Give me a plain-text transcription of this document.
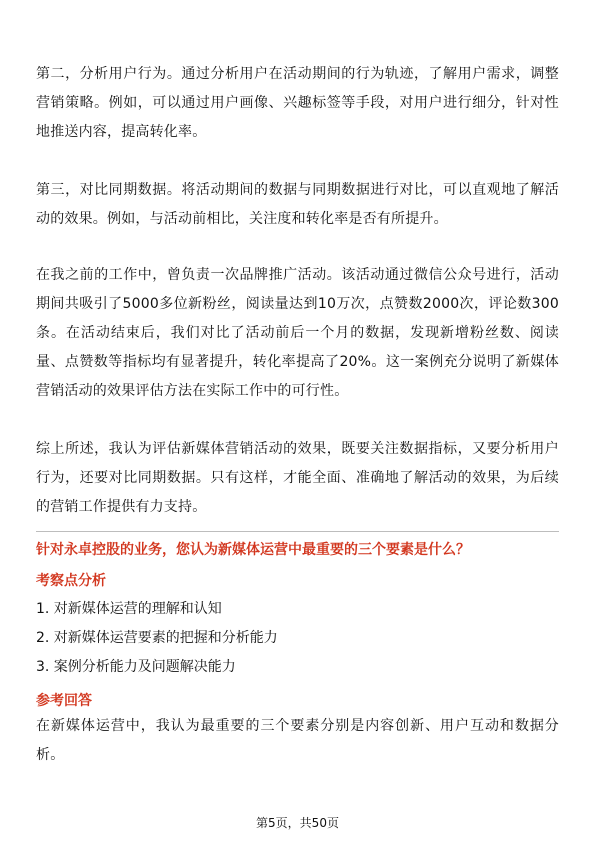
第二，分析用户行为。通过分析用户在活动期间的行为轨迹，了解用户需求，调整营销策略。例如，可以通过用户画像、兴趣标签等手段，对用户进行细分，针对性地推送内容，提高转化率。

第三，对比同期数据。将活动期间的数据与同期数据进行对比，可以直观地了解活动的效果。例如，与活动前相比，关注度和转化率是否有所提升。

在我之前的工作中，曾负责一次品牌推广活动。该活动通过微信公众号进行，活动期间共吸引了5000多位新粉丝，阅读量达到10万次，点赞数2000次，评论数300条。在活动结束后，我们对比了活动前后一个月的数据，发现新增粉丝数、阅读量、点赞数等指标均有显著提升，转化率提高了20%。这一案例充分说明了新媒体营销活动的效果评估方法在实际工作中的可行性。

综上所述，我认为评估新媒体营销活动的效果，既要关注数据指标，又要分析用户行为，还要对比同期数据。只有这样，才能全面、准确地了解活动的效果，为后续的营销工作提供有力支持。

针对永卓控股的业务，您认为新媒体运营中最重要的三个要素是什么？

考察点分析

1. 对新媒体运营的理解和认知
2. 对新媒体运营要素的把握和分析能力
3. 案例分析能力及问题解决能力

参考回答

在新媒体运营中，我认为最重要的三个要素分别是内容创新、用户互动和数据分析。

第5页，共50页
